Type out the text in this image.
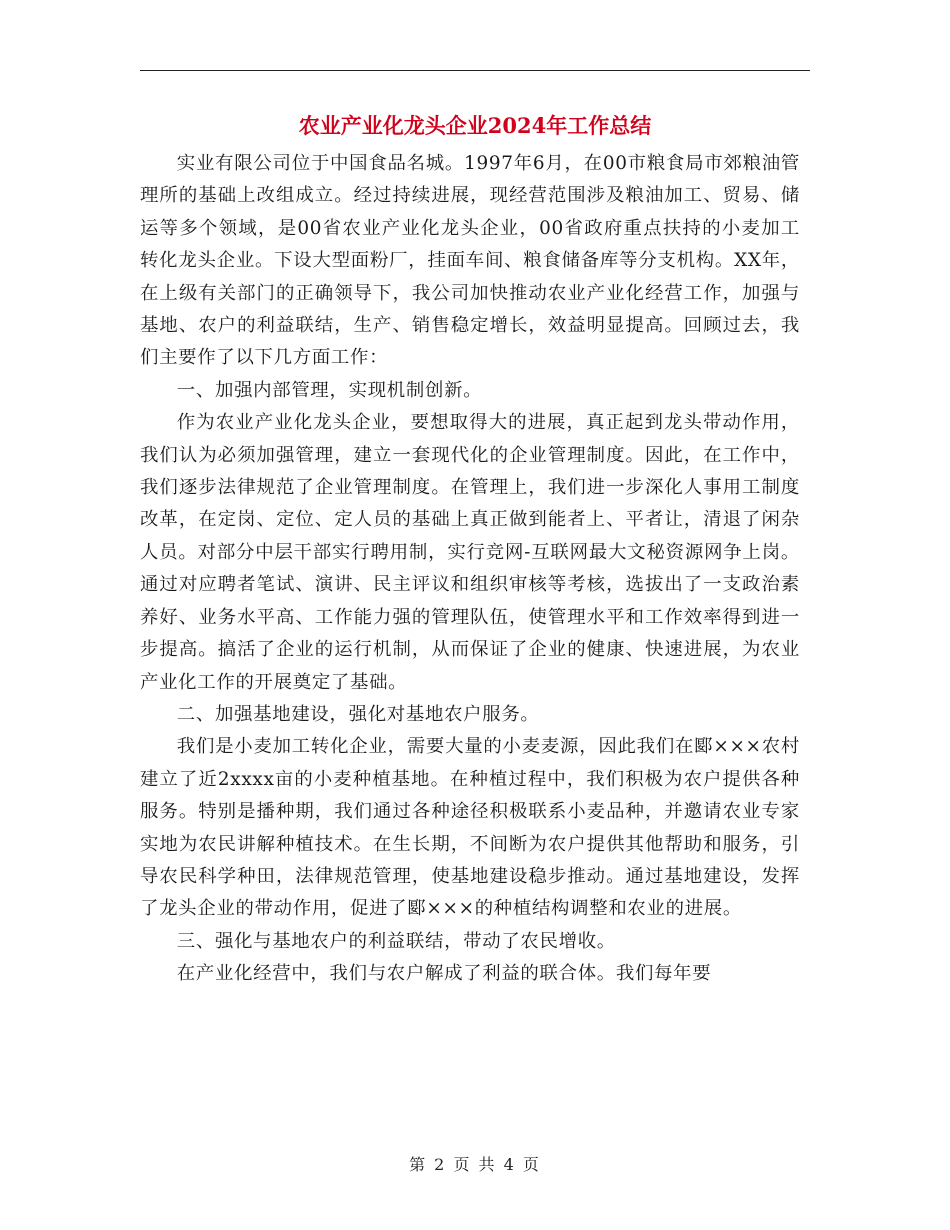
农业产业化龙头企业2024年工作总结

实业有限公司位于中国食品名城。1997年6月，在00市粮食局市郊粮油管理所的基础上改组成立。经过持续进展，现经营范围涉及粮油加工、贸易、储运等多个领域，是00省农业产业化龙头企业，00省政府重点扶持的小麦加工转化龙头企业。下设大型面粉厂，挂面车间、粮食储备库等分支机构。XX年，在上级有关部门的正确领导下，我公司加快推动农业产业化经营工作，加强与基地、农户的利益联结，生产、销售稳定增长，效益明显提高。回顾过去，我们主要作了以下几方面工作：

一、加强内部管理，实现机制创新。

作为农业产业化龙头企业，要想取得大的进展，真正起到龙头带动作用，我们认为必须加强管理，建立一套现代化的企业管理制度。因此，在工作中，我们逐步法律规范了企业管理制度。在管理上，我们进一步深化人事用工制度改革，在定岗、定位、定人员的基础上真正做到能者上、平者让，清退了闲杂人员。对部分中层干部实行聘用制，实行竞网-互联网最大文秘资源网争上岗。通过对应聘者笔试、演讲、民主评议和组织审核等考核，选拔出了一支政治素养好、业务水平高、工作能力强的管理队伍，使管理水平和工作效率得到进一步提高。搞活了企业的运行机制，从而保证了企业的健康、快速进展，为农业产业化工作的开展奠定了基础。

二、加强基地建设，强化对基地农户服务。

我们是小麦加工转化企业，需要大量的小麦麦源，因此我们在郾×××农村建立了近2xxxx亩的小麦种植基地。在种植过程中，我们积极为农户提供各种服务。特别是播种期，我们通过各种途径积极联系小麦品种，并邀请农业专家实地为农民讲解种植技术。在生长期，不间断为农户提供其他帮助和服务，引导农民科学种田，法律规范管理，使基地建设稳步推动。通过基地建设，发挥了龙头企业的带动作用，促进了郾×××的种植结构调整和农业的进展。

三、强化与基地农户的利益联结，带动了农民增收。

在产业化经营中，我们与农户解成了利益的联合体。我们每年要

第 2 页 共 4 页
